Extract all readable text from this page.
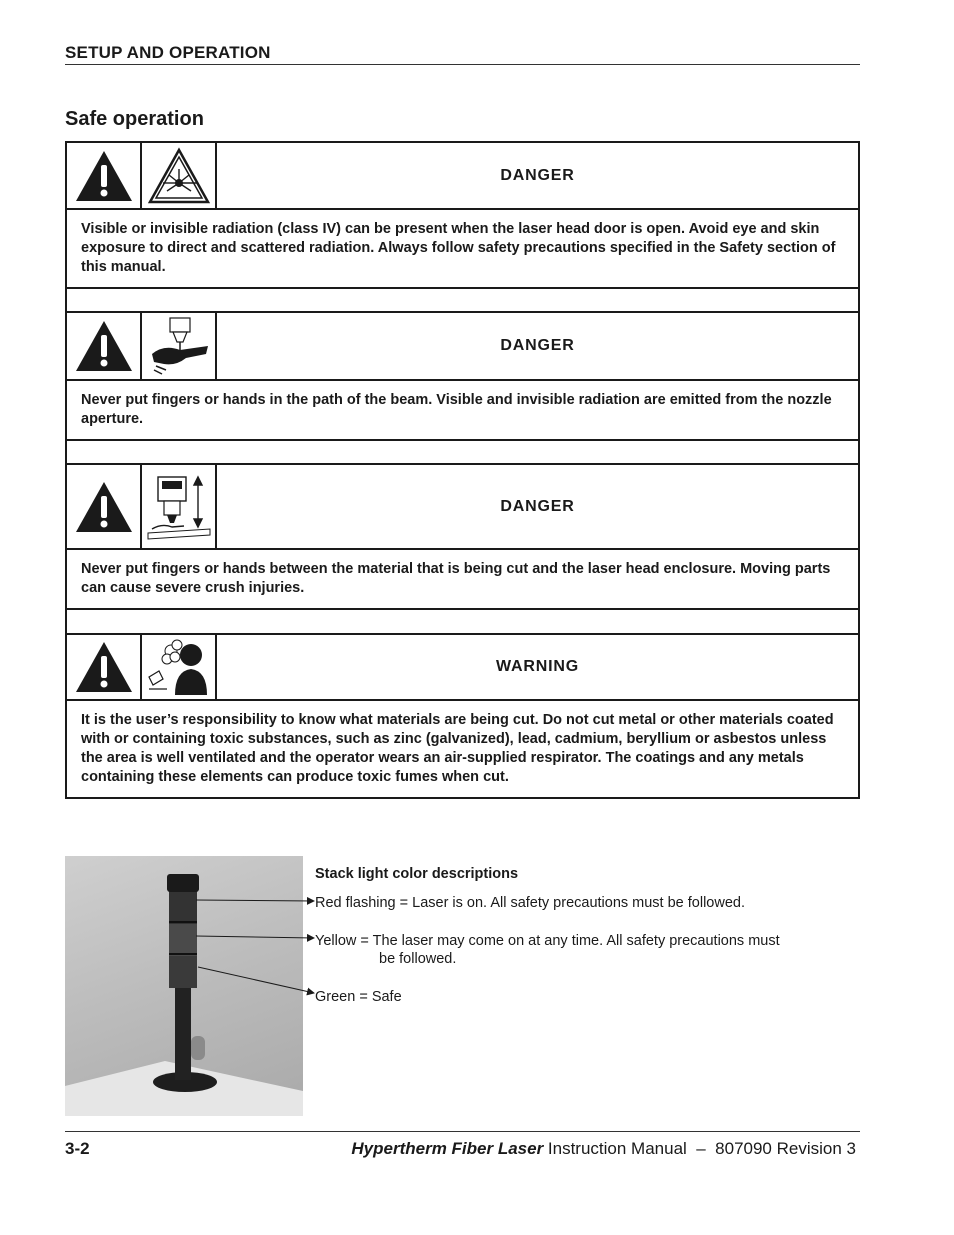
SETUP AND OPERATION
Safe operation
DANGER
Visible or invisible radiation (class IV) can be present when the laser head door is open. Avoid eye and skin exposure to direct and scattered radiation. Always follow safety precautions specified in the Safety section of this manual.
DANGER
Never put fingers or hands in the path of the beam. Visible and invisible radiation are emitted from the nozzle aperture.
DANGER
Never put fingers or hands between the material that is being cut and the laser head enclosure. Moving parts can cause severe crush injuries.
WARNING
It is the user’s responsibility to know what materials are being cut. Do not cut metal or other materials coated with or containing toxic substances, such as zinc (galvanized), lead, cadmium, beryllium or asbestos unless the area is well ventilated and the operator wears an air-supplied respirator. The coatings and any metals containing these elements can produce toxic fumes when cut.
Stack light color descriptions
Red flashing = Laser is on. All safety precautions must be followed.
Yellow = The laser may come on at any time. All safety precautions must
be followed.
Green = Safe
3-2	Hypertherm Fiber Laser Instruction Manual  –  807090 Revision 3
